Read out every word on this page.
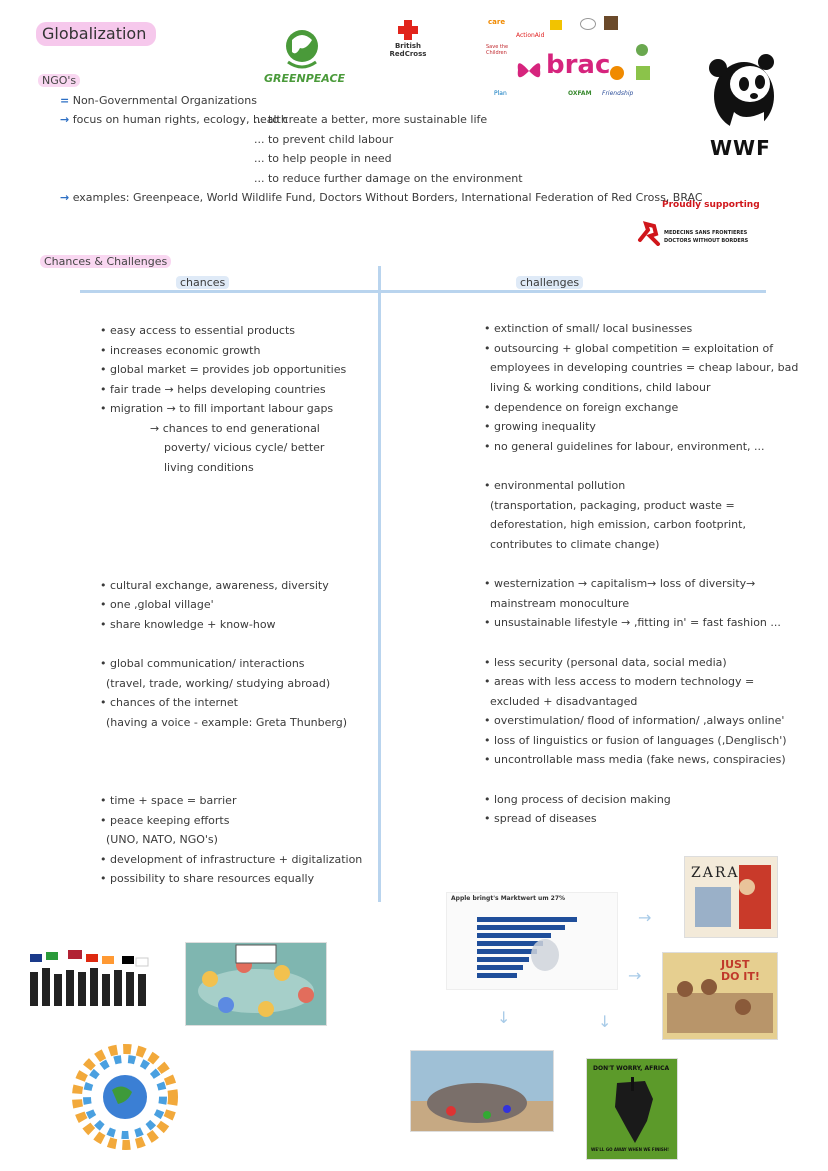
Globalization
GREENPEACE
British
RedCross
care
ActionAid
Save the Children
Plan	OXFAM Friendship
brac
WWF
Proudly supporting
MEDECINS SANS FRONTIERES
DOCTORS WITHOUT BORDERS
NGO's
= Non-Governmental Organizations
→ focus on human rights, ecology, health
... to create a better, more sustainable life
... to prevent child labour
... to help people in need
... to reduce further damage on the environment
→ examples: Greenpeace, World Wildlife Fund, Doctors Without Borders, International Federation of Red Cross, BRAC
Chances & Challenges
chances	challenges
• easy access to essential products
• increases economic growth
• global market = provides job opportunities
• fair trade → helps developing countries
• migration → to fill important labour gaps
→ chances to end generational
poverty/ vicious cycle/ better
living conditions
• cultural exchange, awareness, diversity
• one ‚global village'
• share knowledge + know-how
• global communication/ interactions
(travel, trade, working/ studying abroad)
• chances of the internet
(having a voice - example: Greta Thunberg)
• time + space = barrier
• peace keeping efforts
(UNO, NATO, NGO's)
• development of infrastructure + digitalization
• possibility to share resources equally
• extinction of small/ local businesses
• outsourcing + global competition = exploitation of
employees in developing countries = cheap labour, bad
living & working conditions, child labour
• dependence on foreign exchange
• growing inequality
• no general guidelines for labour, environment, ...
• environmental pollution
(transportation, packaging, product waste =
deforestation, high emission, carbon footprint,
contributes to climate change)
• westernization → capitalism→ loss of diversity→
mainstream monoculture
• unsustainable lifestyle → ‚fitting in' = fast fashion ...
• less security (personal data, social media)
• areas with less access to modern technology =
excluded + disadvantaged
• overstimulation/ flood of information/ ‚always online'
• loss of linguistics or fusion of languages (‚Denglisch')
• uncontrollable mass media (fake news, conspiracies)
• long process of decision making
• spread of diseases
Apple bringt's Marktwert um 27%
→
→
↓	↓
ZARA
JUST DO IT!
DON'T WORRY, AFRICA
WE'LL GO AWAY WHEN WE FINISH!
